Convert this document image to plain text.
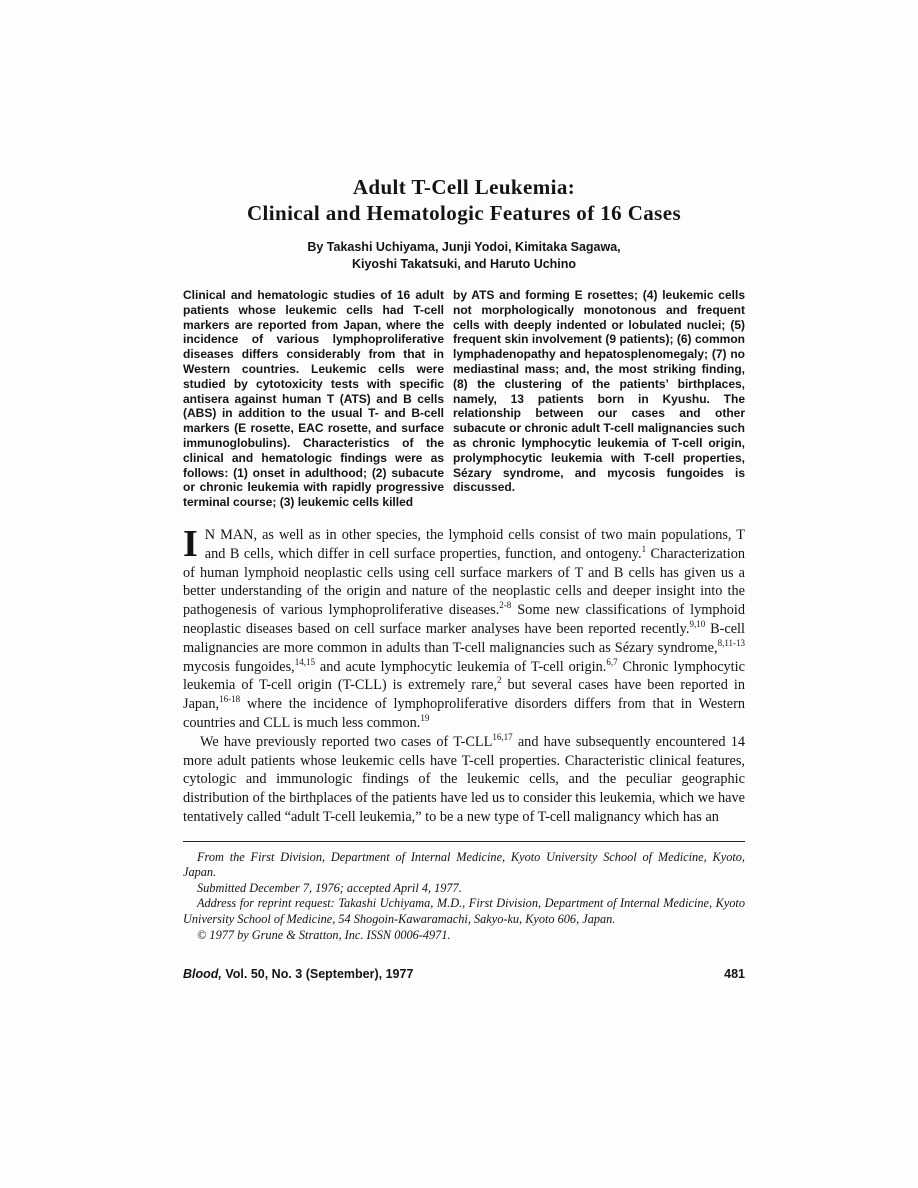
Adult T-Cell Leukemia:
Clinical and Hematologic Features of 16 Cases
By Takashi Uchiyama, Junji Yodoi, Kimitaka Sagawa,
Kiyoshi Takatsuki, and Haruto Uchino
Clinical and hematologic studies of 16 adult patients whose leukemic cells had T-cell markers are reported from Japan, where the incidence of various lymphoproliferative diseases differs considerably from that in Western countries. Leukemic cells were studied by cytotoxicity tests with specific antisera against human T (ATS) and B cells (ABS) in addition to the usual T- and B-cell markers (E rosette, EAC rosette, and surface immunoglobulins). Characteristics of the clinical and hematologic findings were as follows: (1) onset in adulthood; (2) subacute or chronic leukemia with rapidly progressive terminal course; (3) leukemic cells killed
by ATS and forming E rosettes; (4) leukemic cells not morphologically monotonous and frequent cells with deeply indented or lobulated nuclei; (5) frequent skin involvement (9 patients); (6) common lymphadenopathy and hepatosplenomegaly; (7) no mediastinal mass; and, the most striking finding, (8) the clustering of the patients’ birthplaces, namely, 13 patients born in Kyushu. The relationship between our cases and other subacute or chronic adult T-cell malignancies such as chronic lymphocytic leukemia of T-cell origin, prolymphocytic leukemia with T-cell properties, Sézary syndrome, and mycosis fungoides is discussed.

I N MAN, as well as in other species, the lymphoid cells consist of two main populations, T and B cells, which differ in cell surface properties, function, and ontogeny.$^1$ Characterization of human lymphoid neoplastic cells using cell surface markers of T and B cells has given us a better understanding of the origin and nature of the neoplastic cells and deeper insight into the pathogenesis of various lymphoproliferative diseases.$^{2-8}$ Some new classifications of lymphoid neoplastic diseases based on cell surface marker analyses have been reported recently.$^{9,10}$ B-cell malignancies are more common in adults than T-cell malignancies such as Sézary syndrome,$^{8,11-13}$ mycosis fungoides,$^{14,15}$ and acute lymphocytic leukemia of T-cell origin.$^{6,7}$ Chronic lymphocytic leukemia of T-cell origin (T-CLL) is extremely rare,$^2$ but several cases have been reported in Japan,$^{16-18}$ where the incidence of lymphoproliferative disorders differs from that in Western countries and CLL is much less common.$^{19}$

We have previously reported two cases of T-CLL$^{16,17}$ and have subsequently encountered 14 more adult patients whose leukemic cells have T-cell properties. Characteristic clinical features, cytologic and immunologic findings of the leukemic cells, and the peculiar geographic distribution of the birthplaces of the patients have led us to consider this leukemia, which we have tentatively called “adult T-cell leukemia,” to be a new type of T-cell malignancy which has an

From the First Division, Department of Internal Medicine, Kyoto University School of Medicine, Kyoto, Japan.

Submitted December 7, 1976; accepted April 4, 1977.

Address for reprint request: Takashi Uchiyama, M.D., First Division, Department of Internal Medicine, Kyoto University School of Medicine, 54 Shogoin-Kawaramachi, Sakyo-ku, Kyoto 606, Japan.

© 1977 by Grune & Stratton, Inc. ISSN 0006-4971.

Blood, Vol. 50, No. 3 (September), 1977	481
